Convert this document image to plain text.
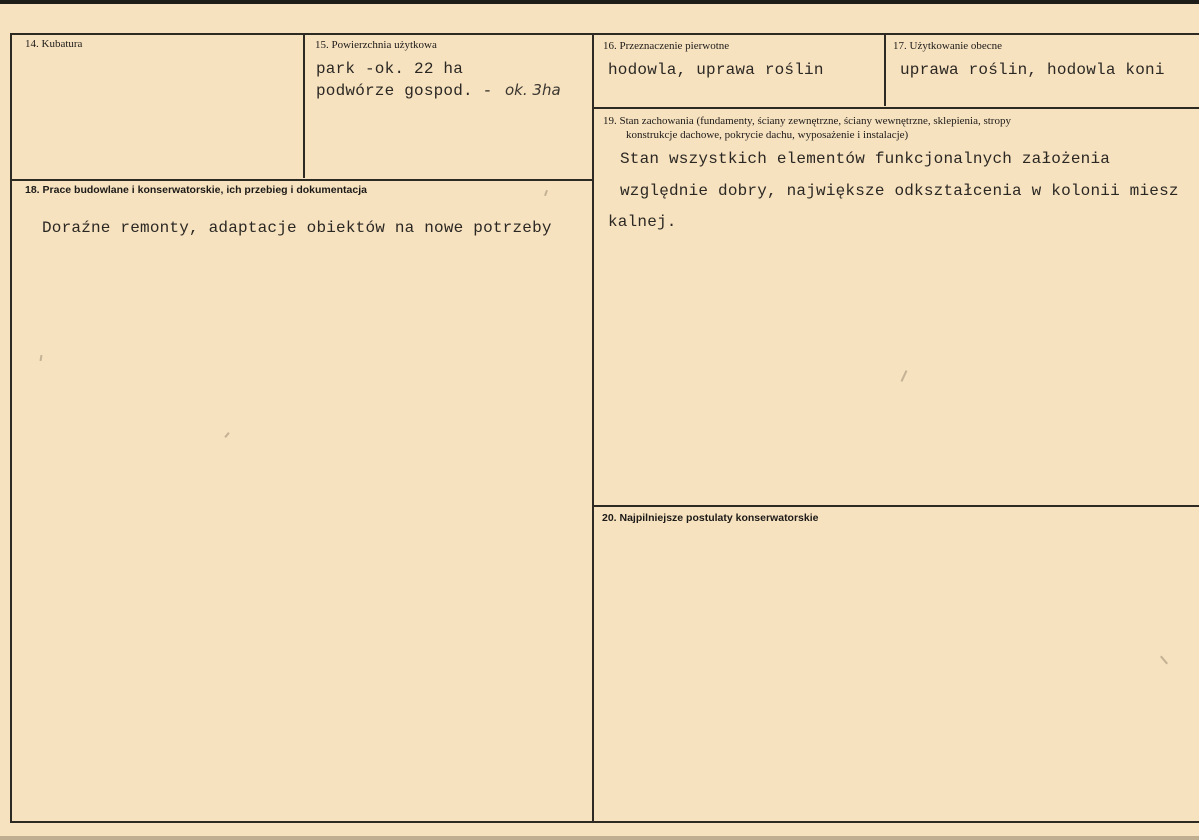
14. Kubatura	15. Powierzchnia użytkowa
park -ok. 22 ha
podwórze gospod. - ok. 3ha
16. Przeznaczenie pierwotne
hodowla, uprawa roślin
17. Użytkowanie obecne
uprawa roślin, hodowla koni
18. Prace budowlane i konserwatorskie, ich przebieg i dokumentacja
Doraźne remonty, adaptacje obiektów na nowe potrzeby
19. Stan zachowania (fundamenty, ściany zewnętrzne, ściany wewnętrzne, sklepienia, stropy
konstrukcje dachowe, pokrycie dachu, wyposażenie i instalacje)
Stan wszystkich elementów funkcjonalnych założenia
względnie dobry, największe odkształcenia w kolonii miesz
kalnej.
20. Najpilniejsze postulaty konserwatorskie
